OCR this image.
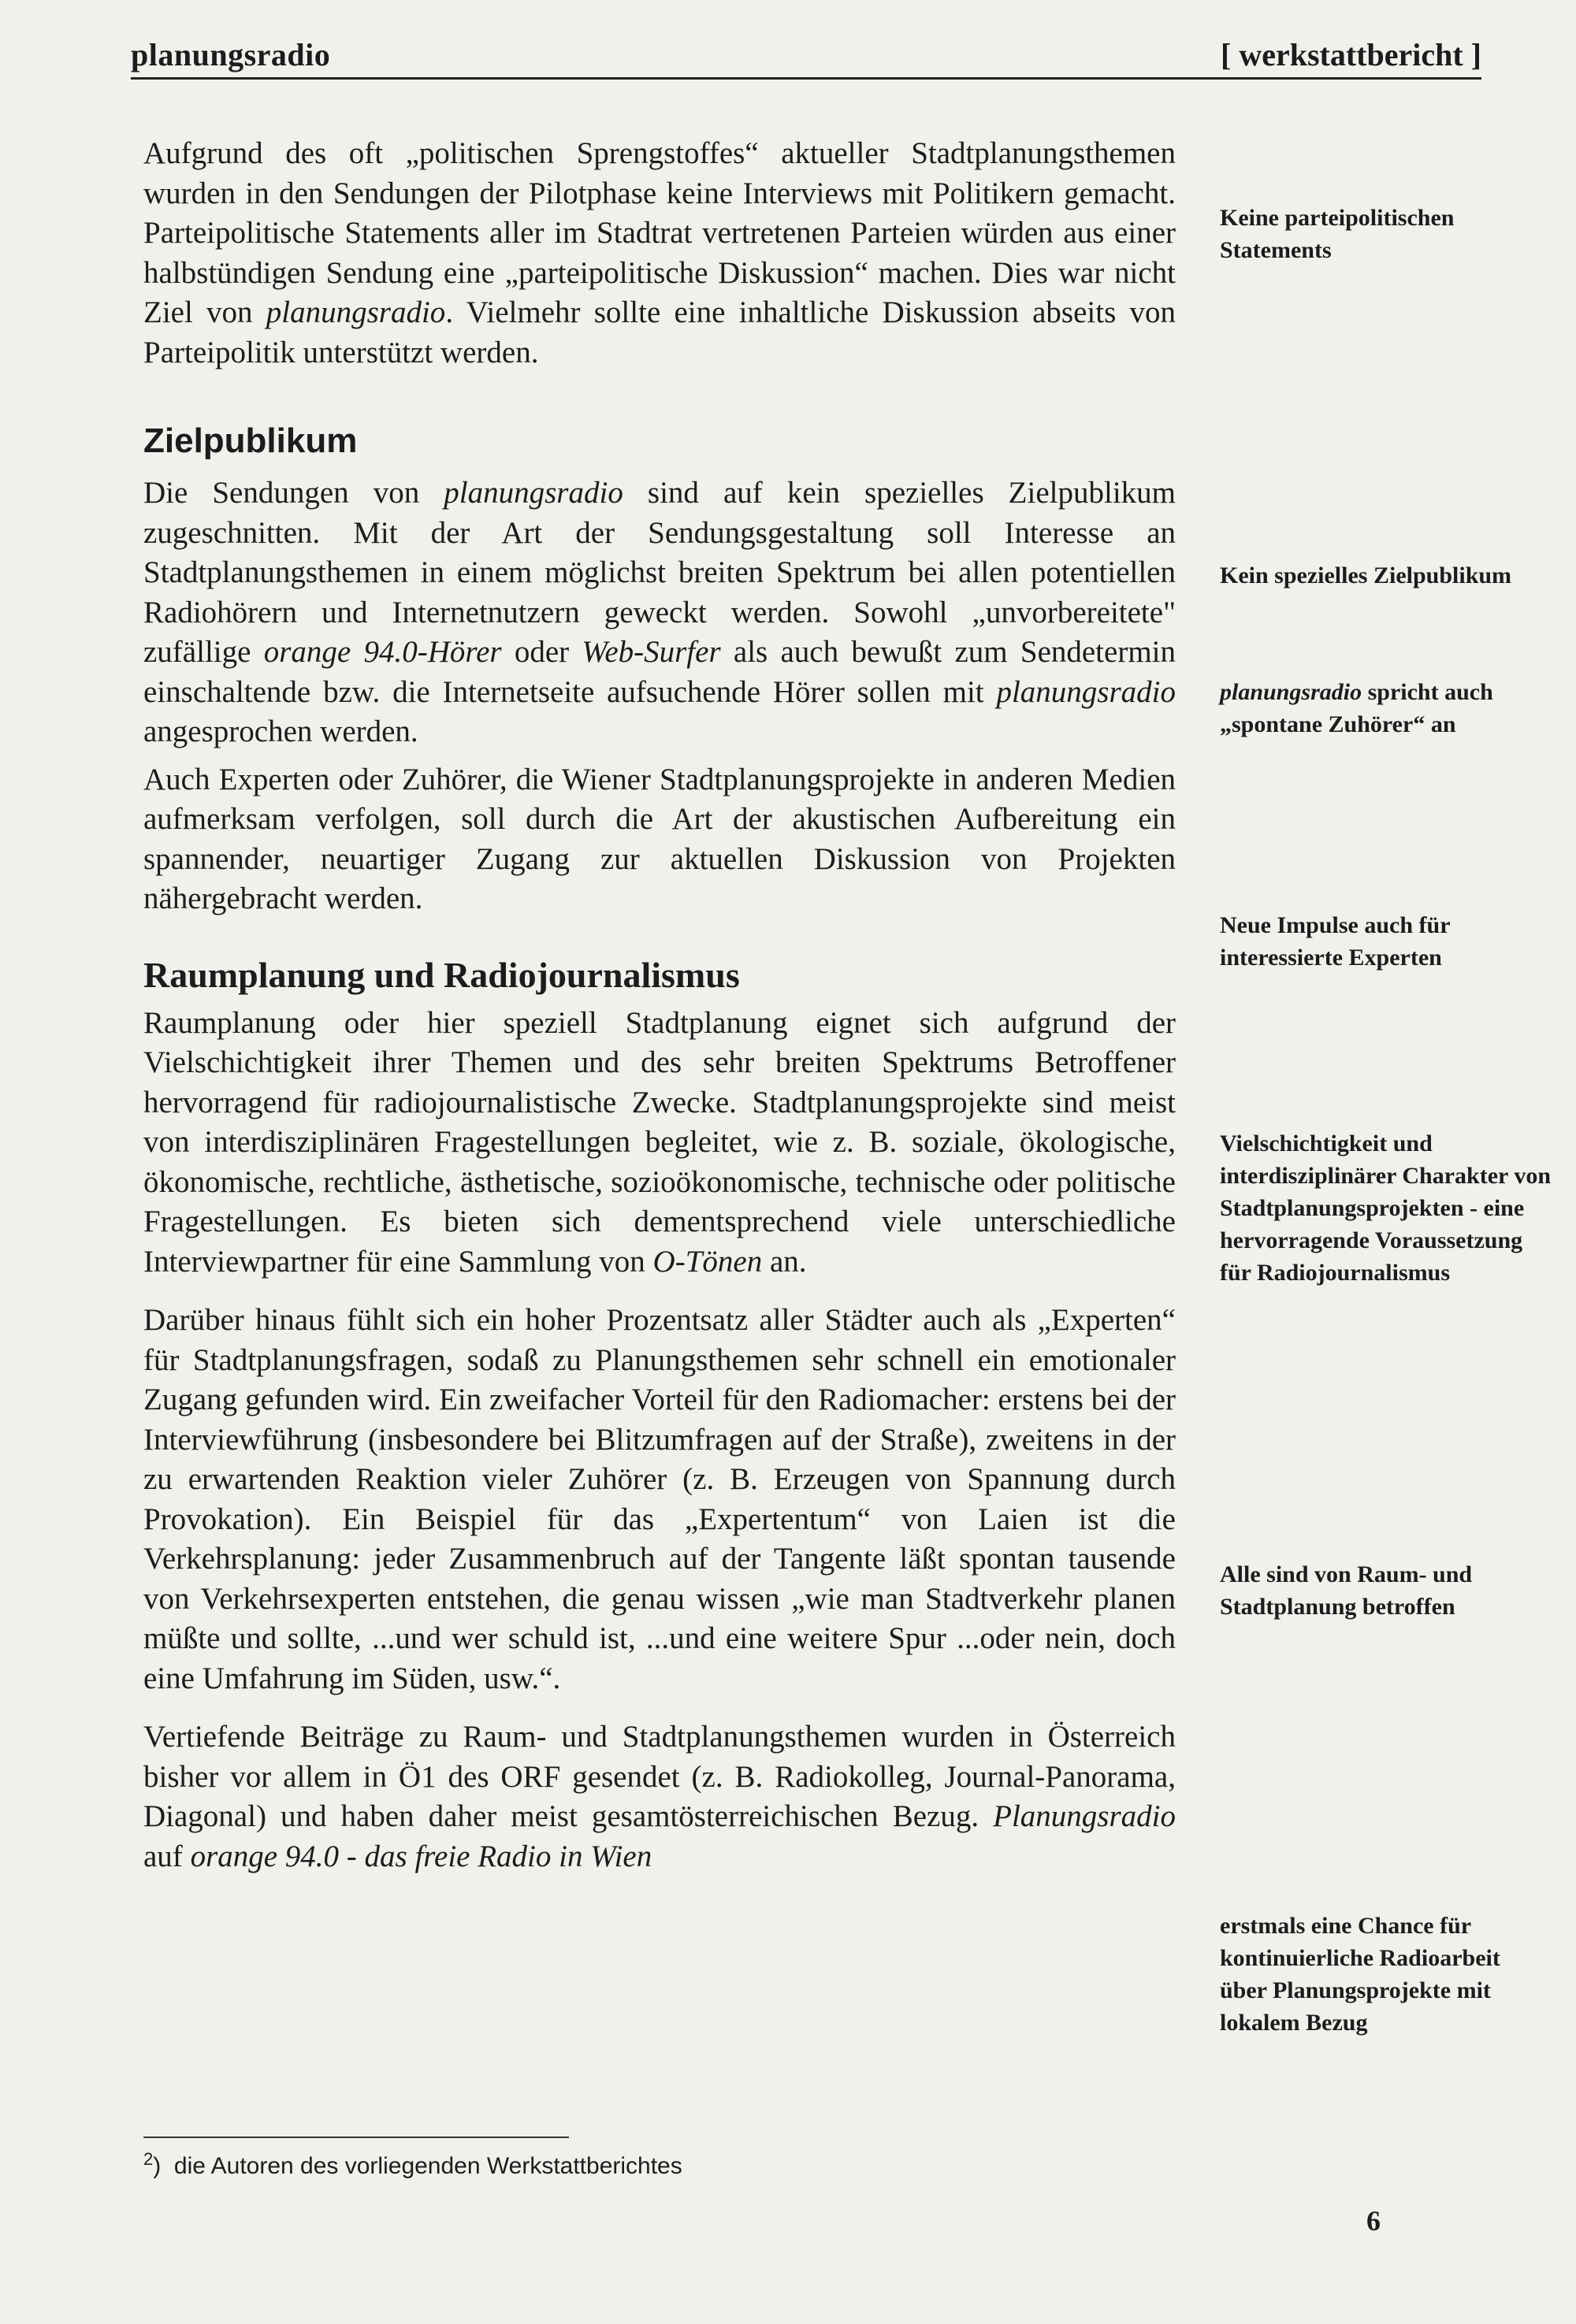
planungsradio	[ werkstattbericht ]

Aufgrund des oft „politischen Sprengstoffes“ aktueller Stadtplanungsthemen wurden in den Sendungen der Pilotphase keine Interviews mit Politikern gemacht. Parteipolitische Statements aller im Stadtrat vertretenen Parteien würden aus einer halbstündigen Sendung eine „parteipolitische Diskussion“ machen. Dies war nicht Ziel von planungsradio. Vielmehr sollte eine inhaltliche Diskussion abseits von Parteipolitik unterstützt werden.

Zielpublikum

Die Sendungen von planungsradio sind auf kein spezielles Zielpublikum zugeschnitten. Mit der Art der Sendungsgestaltung soll Interesse an Stadtplanungsthemen in einem möglichst breiten Spektrum bei allen potentiellen Radiohörern und Internetnutzern geweckt werden. Sowohl „unvorbereitete" zufällige orange 94.0-Hörer oder Web-Surfer als auch bewußt zum Sendetermin einschaltende bzw. die Internetseite aufsuchende Hörer sollen mit planungsradio angesprochen werden.

Auch Experten oder Zuhörer, die Wiener Stadtplanungsprojekte in anderen Medien aufmerksam verfolgen, soll durch die Art der akustischen Aufbereitung ein spannender, neuartiger Zugang zur aktuellen Diskussion von Projekten nähergebracht werden.

Raumplanung und Radiojournalismus

Raumplanung oder hier speziell Stadtplanung eignet sich aufgrund der Vielschichtigkeit ihrer Themen und des sehr breiten Spektrums Betroffener hervorragend für radiojournalistische Zwecke. Stadtplanungsprojekte sind meist von interdisziplinären Fragestellungen begleitet, wie z. B. soziale, ökologische, ökonomische, rechtliche, ästhetische, sozioökonomische, technische oder politische Fragestellungen. Es bieten sich dementsprechend viele unterschiedliche Interviewpartner für eine Sammlung von O-Tönen an.

Darüber hinaus fühlt sich ein hoher Prozentsatz aller Städter auch als „Experten“ für Stadtplanungsfragen, sodaß zu Planungsthemen sehr schnell ein emotionaler Zugang gefunden wird. Ein zweifacher Vorteil für den Radiomacher: erstens bei der Interviewführung (insbesondere bei Blitzumfragen auf der Straße), zweitens in der zu erwartenden Reaktion vieler Zuhörer (z. B. Erzeugen von Spannung durch Provokation). Ein Beispiel für das „Expertentum“ von Laien ist die Verkehrsplanung: jeder Zusammenbruch auf der Tangente läßt spontan tausende von Verkehrsexperten entstehen, die genau wissen „wie man Stadtverkehr planen müßte und sollte, ...und wer schuld ist, ...und eine weitere Spur ...oder nein, doch eine Umfahrung im Süden, usw.“.

Vertiefende Beiträge zu Raum- und Stadtplanungsthemen wurden in Österreich bisher vor allem in Ö1 des ORF gesendet (z. B. Radiokolleg, Journal-Panorama, Diagonal) und haben daher meist gesamtösterreichischen Bezug. Planungsradio auf orange 94.0 - das freie Radio in Wien

Keine parteipolitischen Statements

Kein spezielles Zielpublikum

planungsradio spricht auch „spontane Zuhörer“ an

Neue Impulse auch für interessierte Experten

Vielschichtigkeit und interdisziplinärer Charakter von Stadtplanungsprojekten - eine hervorragende Voraussetzung für Radiojournalismus

Alle sind von Raum- und Stadtplanung betroffen

erstmals eine Chance für kontinuierliche Radioarbeit über Planungsprojekte mit lokalem Bezug

$^2$)  die Autoren des vorliegenden Werkstattberichtes
6
